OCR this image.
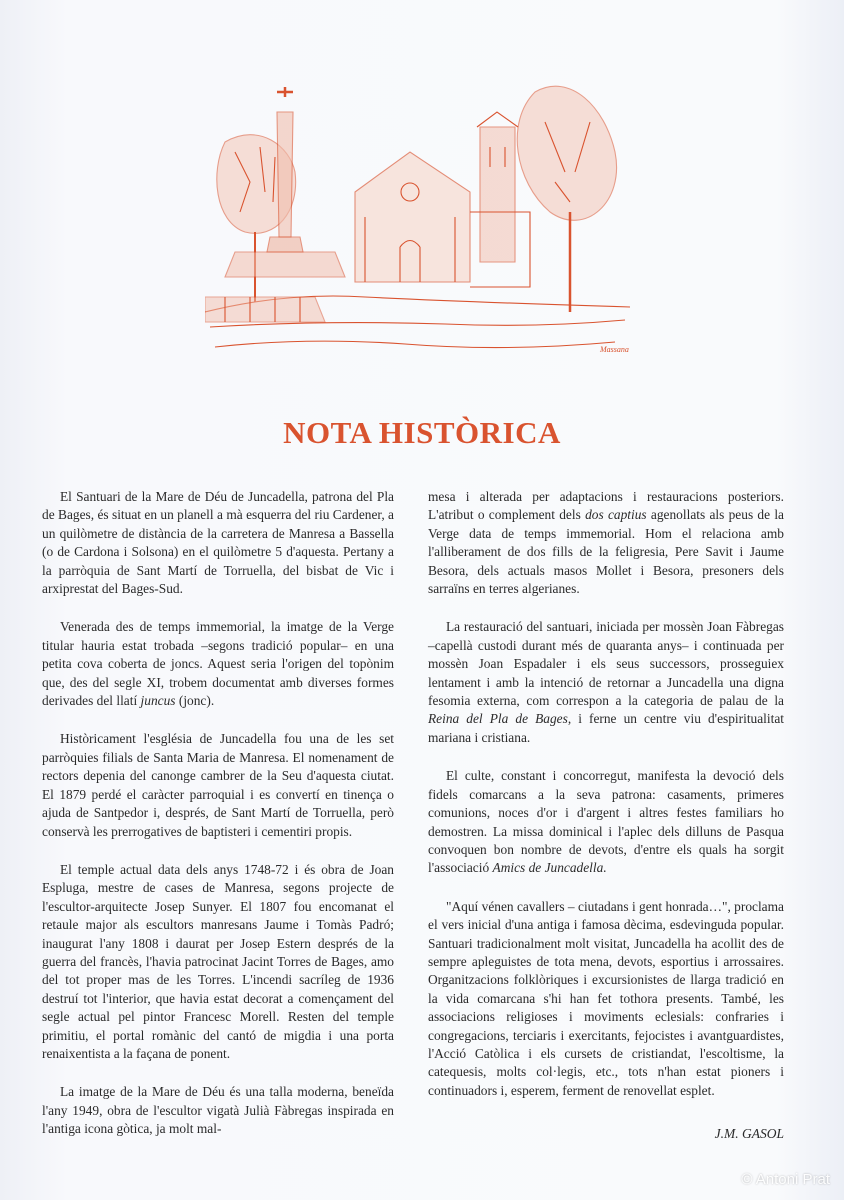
Massana
NOTA HISTÒRICA

El Santuari de la Mare de Déu de Juncadella, patrona del Pla de Bages, és situat en un planell a mà esquerra del riu Cardener, a un quilòmetre de distància de la carretera de Manresa a Bassella (o de Cardona i Solsona) en el quilòmetre 5 d'aquesta. Pertany a la parròquia de Sant Martí de Torruella, del bisbat de Vic i arxiprestat del Bages-Sud.

Venerada des de temps immemorial, la imatge de la Verge titular hauria estat trobada –segons tradició popular– en una petita cova coberta de joncs. Aquest seria l'origen del topònim que, des del segle XI, trobem documentat amb diverses formes derivades del llatí juncus (jonc).

Històricament l'església de Juncadella fou una de les set parròquies filials de Santa Maria de Manresa. El nomenament de rectors depenia del canonge cambrer de la Seu d'aquesta ciutat. El 1879 perdé el caràcter parroquial i es convertí en tinença o ajuda de Santpedor i, després, de Sant Martí de Torruella, però conservà les prerrogatives de baptisteri i cementiri propis.

El temple actual data dels anys 1748-72 i és obra de Joan Espluga, mestre de cases de Manresa, segons projecte de l'escultor-arquitecte Josep Sunyer. El 1807 fou encomanat el retaule major als escultors manresans Jaume i Tomàs Padró; inaugurat l'any 1808 i daurat per Josep Estern després de la guerra del francès, l'havia patrocinat Jacint Torres de Bages, amo del tot proper mas de les Torres. L'incendi sacríleg de 1936 destruí tot l'interior, que havia estat decorat a començament del segle actual pel pintor Francesc Morell. Resten del temple primitiu, el portal romànic del cantó de migdia i una porta renaixentista a la façana de ponent.

La imatge de la Mare de Déu és una talla moderna, beneïda l'any 1949, obra de l'escultor vigatà Julià Fàbregas inspirada en l'antiga icona gòtica, ja molt mal-

mesa i alterada per adaptacions i restauracions posteriors. L'atribut o complement dels dos captius agenollats als peus de la Verge data de temps immemorial. Hom el relaciona amb l'alliberament de dos fills de la feligresia, Pere Savit i Jaume Besora, dels actuals masos Mollet i Besora, presoners dels sarraïns en terres algerianes.

La restauració del santuari, iniciada per mossèn Joan Fàbregas –capellà custodi durant més de quaranta anys– i continuada per mossèn Joan Espadaler i els seus successors, prosseguiex lentament i amb la intenció de retornar a Juncadella una digna fesomia externa, com correspon a la categoria de palau de la Reina del Pla de Bages, i ferne un centre viu d'espiritualitat mariana i cristiana.

El culte, constant i concorregut, manifesta la devoció dels fidels comarcans a la seva patrona: casaments, primeres comunions, noces d'or i d'argent i altres festes familiars ho demostren. La missa dominical i l'aplec dels dilluns de Pasqua convoquen bon nombre de devots, d'entre els quals ha sorgit l'associació Amics de Juncadella.

"Aquí vénen cavallers – ciutadans i gent honrada…", proclama el vers inicial d'una antiga i famosa dècima, esdevinguda popular. Santuari tradicionalment molt visitat, Juncadella ha acollit des de sempre apleguistes de tota mena, devots, esportius i arrossaires. Organitzacions folklòriques i excursionistes de llarga tradició en la vida comarcana s'hi han fet tothora presents. També, les associacions religioses i moviments eclesials: confraries i congregacions, terciaris i exercitants, fejocistes i avantguardistes, l'Acció Catòlica i els cursets de cristiandat, l'escoltisme, la catequesis, molts col·legis, etc., tots n'han estat pioners i continuadors i, esperem, ferment de renovellat esplet.

J.M. GASOL
© Antoni Prat
